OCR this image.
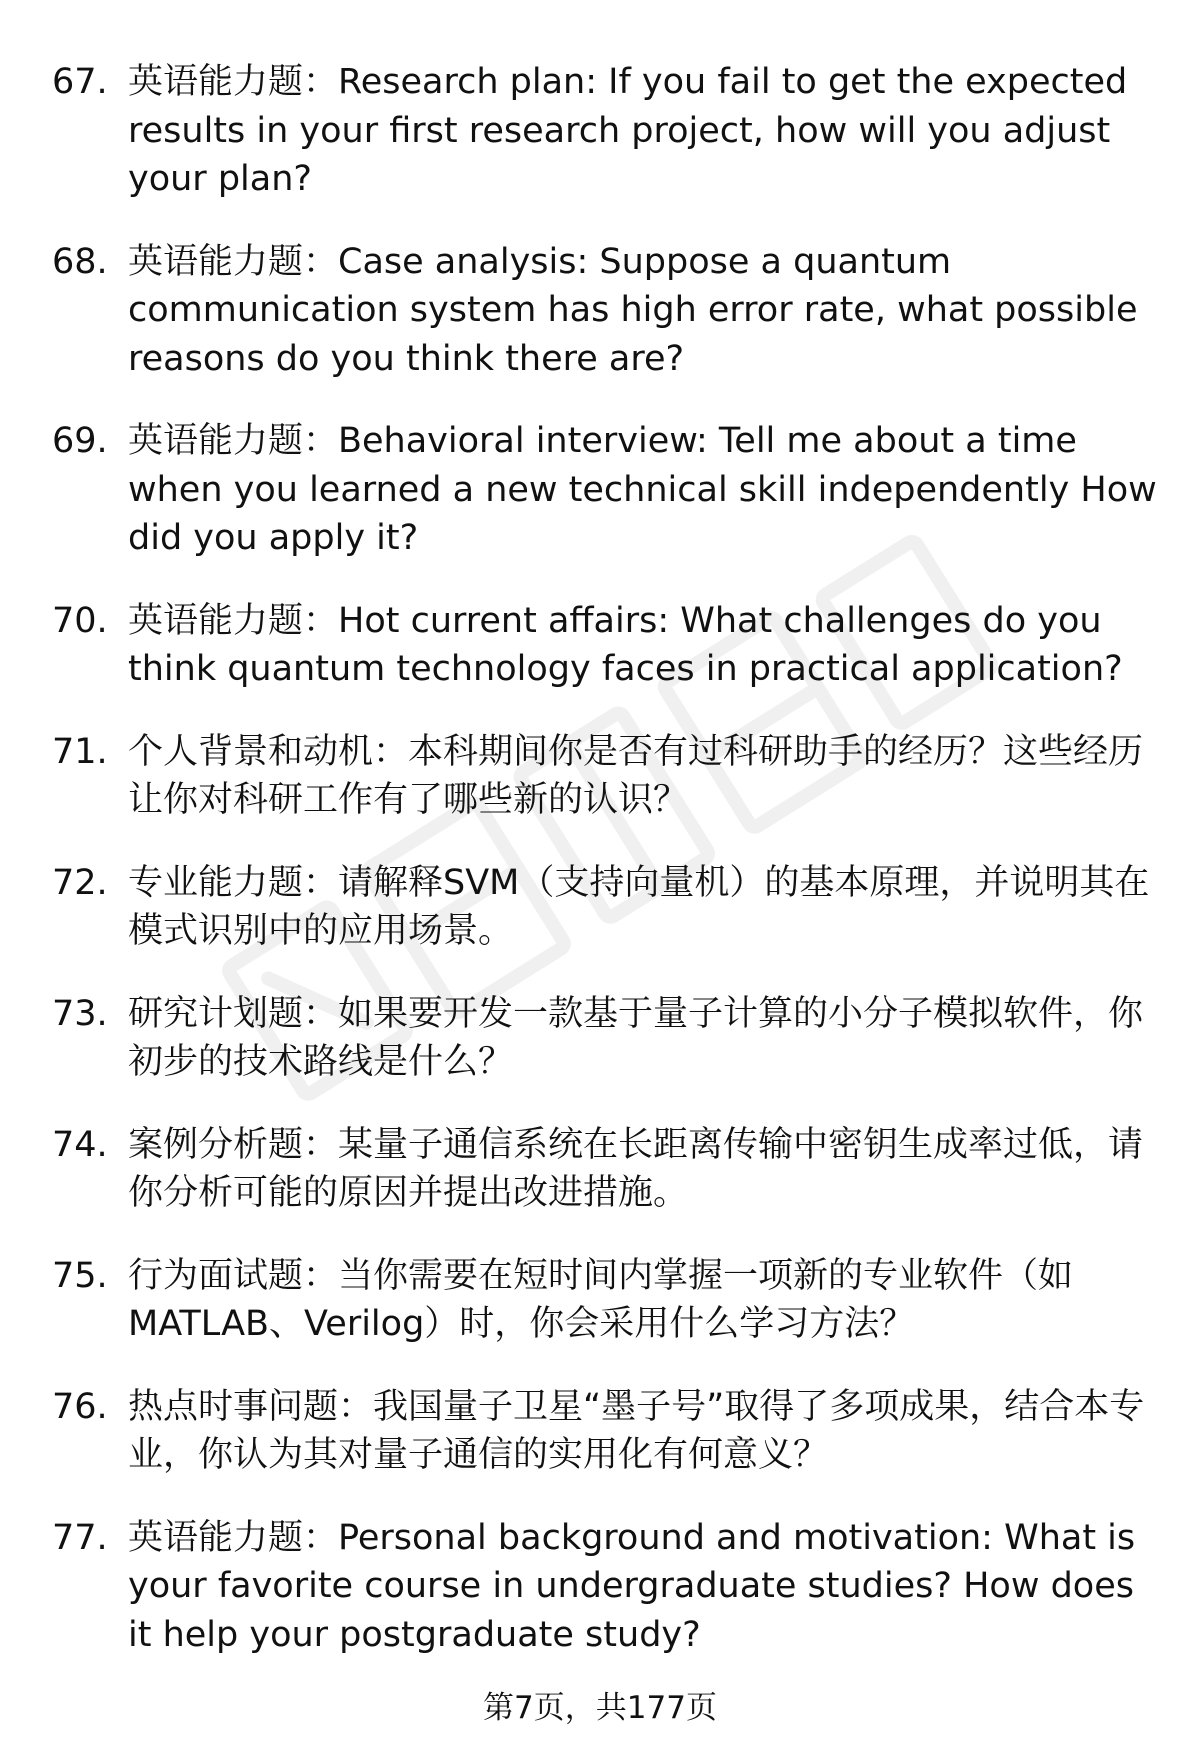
67. 英语能力题：Research plan: If you fail to get the expected results in your first research project, how will you adjust your plan?
68. 英语能力题：Case analysis: Suppose a quantum communication system has high error rate, what possible reasons do you think there are?
69. 英语能力题：Behavioral interview: Tell me about a time when you learned a new technical skill independently How did you apply it?
70. 英语能力题：Hot current affairs: What challenges do you think quantum technology faces in practical application?
71. 个人背景和动机：本科期间你是否有过科研助手的经历？这些经历让你对科研工作有了哪些新的认识？
72. 专业能力题：请解释SVM（支持向量机）的基本原理，并说明其在模式识别中的应用场景。
73. 研究计划题：如果要开发一款基于量子计算的小分子模拟软件，你初步的技术路线是什么？
74. 案例分析题：某量子通信系统在长距离传输中密钥生成率过低，请你分析可能的原因并提出改进措施。
75. 行为面试题：当你需要在短时间内掌握一项新的专业软件（如MATLAB、Verilog）时，你会采用什么学习方法？
76. 热点时事问题：我国量子卫星“墨子号”取得了多项成果，结合本专业，你认为其对量子通信的实用化有何意义？
77. 英语能力题：Personal background and motivation: What is your favorite course in undergraduate studies? How does it help your postgraduate study?
第7页，共177页
